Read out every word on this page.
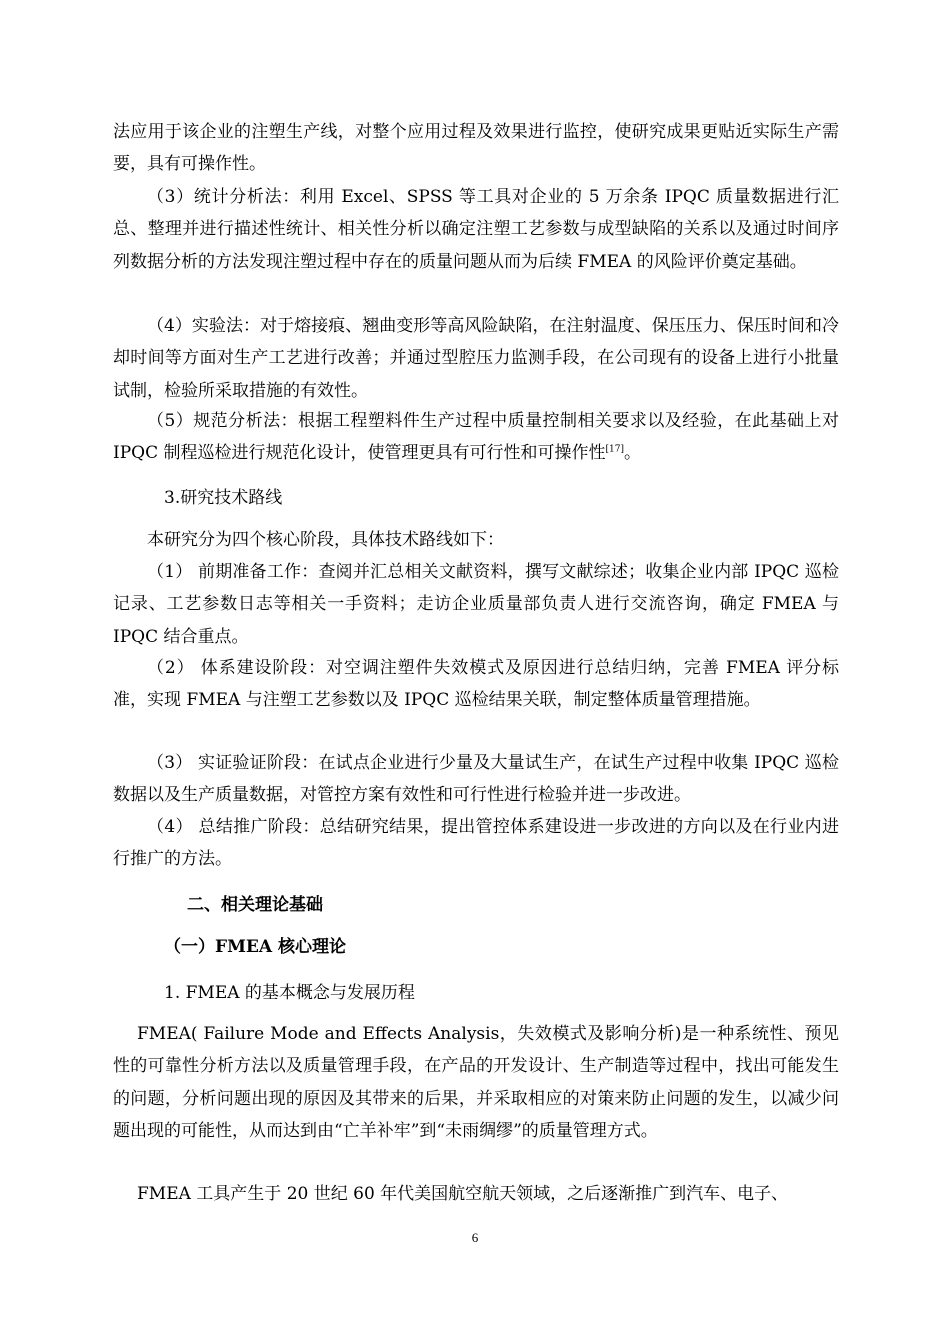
法应用于该企业的注塑生产线，对整个应用过程及效果进行监控，使研究成果更贴近实际生产需要，具有可操作性。

（3）统计分析法：利用 Excel、SPSS 等工具对企业的 5 万余条 IPQC 质量数据进行汇总、整理并进行描述性统计、相关性分析以确定注塑工艺参数与成型缺陷的关系以及通过时间序列数据分析的方法发现注塑过程中存在的质量问题从而为后续 FMEA 的风险评价奠定基础。

（4）实验法：对于熔接痕、翘曲变形等高风险缺陷，在注射温度、保压压力、保压时间和冷却时间等方面对生产工艺进行改善；并通过型腔压力监测手段，在公司现有的设备上进行小批量试制，检验所采取措施的有效性。

（5）规范分析法：根据工程塑料件生产过程中质量控制相关要求以及经验，在此基础上对 IPQC 制程巡检进行规范化设计，使管理更具有可行性和可操作性[17]。

3.研究技术路线

本研究分为四个核心阶段，具体技术路线如下：

（1） 前期准备工作：查阅并汇总相关文献资料，撰写文献综述；收集企业内部 IPQC 巡检记录、工艺参数日志等相关一手资料；走访企业质量部负责人进行交流咨询，确定 FMEA 与 IPQC 结合重点。

（2） 体系建设阶段：对空调注塑件失效模式及原因进行总结归纳，完善 FMEA 评分标准，实现 FMEA 与注塑工艺参数以及 IPQC 巡检结果关联，制定整体质量管理措施。

（3） 实证验证阶段：在试点企业进行少量及大量试生产，在试生产过程中收集 IPQC 巡检数据以及生产质量数据，对管控方案有效性和可行性进行检验并进一步改进。

（4） 总结推广阶段：总结研究结果，提出管控体系建设进一步改进的方向以及在行业内进行推广的方法。

二、相关理论基础

（一）FMEA 核心理论

1. FMEA 的基本概念与发展历程

FMEA( Failure Mode and Effects Analysis，失效模式及影响分析)是一种系统性、预见性的可靠性分析方法以及质量管理手段，在产品的开发设计、生产制造等过程中，找出可能发生的问题，分析问题出现的原因及其带来的后果，并采取相应的对策来防止问题的发生，以减少问题出现的可能性，从而达到由“亡羊补牢”到“未雨绸缪”的质量管理方式。

FMEA 工具产生于 20 世纪 60 年代美国航空航天领域，之后逐渐推广到汽车、电子、

6
